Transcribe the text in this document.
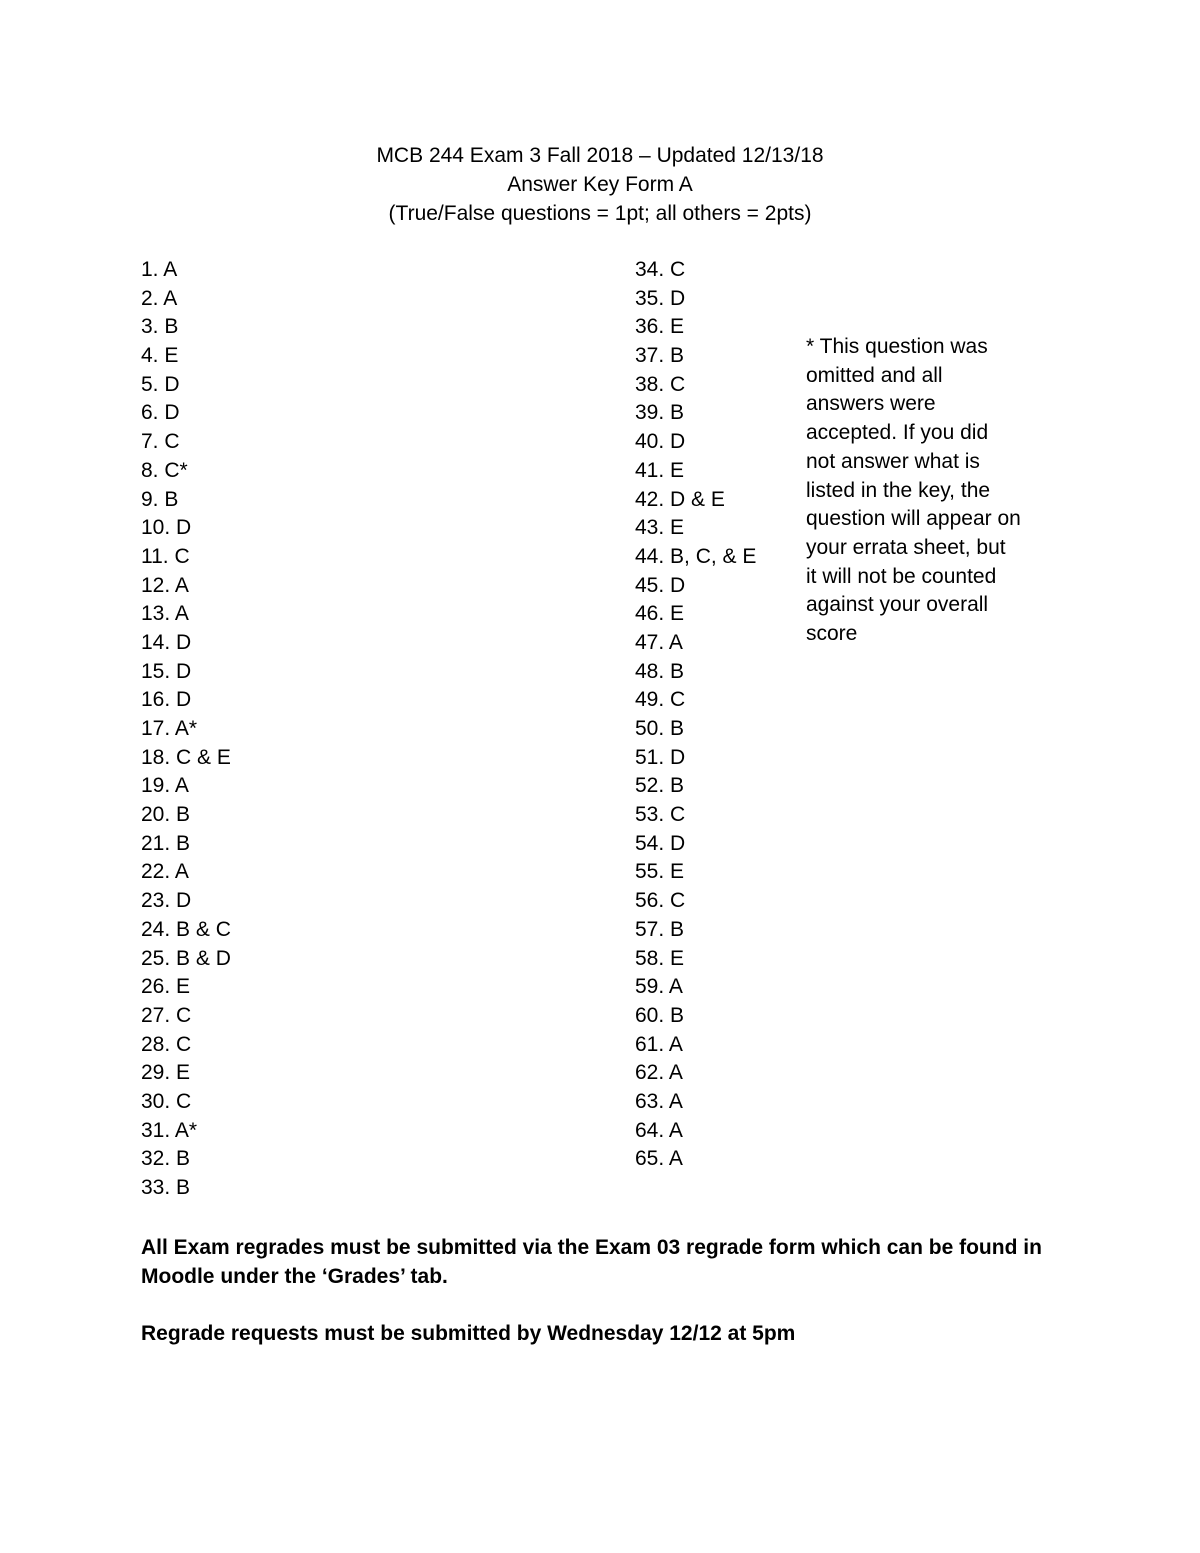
MCB 244 Exam 3 Fall 2018 – Updated 12/13/18
Answer Key Form A
(True/False questions = 1pt; all others = 2pts)
1. A
2. A
3. B
4. E
5. D
6. D
7. C
8. C*
9. B
10. D
11. C
12. A
13. A
14. D
15. D
16. D
17. A*
18. C & E
19. A
20. B
21. B
22. A
23. D
24. B & C
25. B & D
26. E
27. C
28. C
29. E
30. C
31. A*
32. B
33. B
34. C
35. D
36. E
37. B
38. C
39. B
40. D
41. E
42. D & E
43. E
44. B, C, & E
45. D
46. E
47. A
48. B
49. C
50. B
51. D
52. B
53. C
54. D
55. E
56. C
57. B
58. E
59. A
60. B
61. A
62. A
63. A
64. A
65. A
* This question was
omitted and all
answers were
accepted. If you did
not answer what is
listed in the key, the
question will appear on
your errata sheet, but
it will not be counted
against your overall
score
All Exam regrades must be submitted via the Exam 03 regrade form which can be found in Moodle under the ‘Grades’ tab.
Regrade requests must be submitted by Wednesday 12/12 at 5pm
